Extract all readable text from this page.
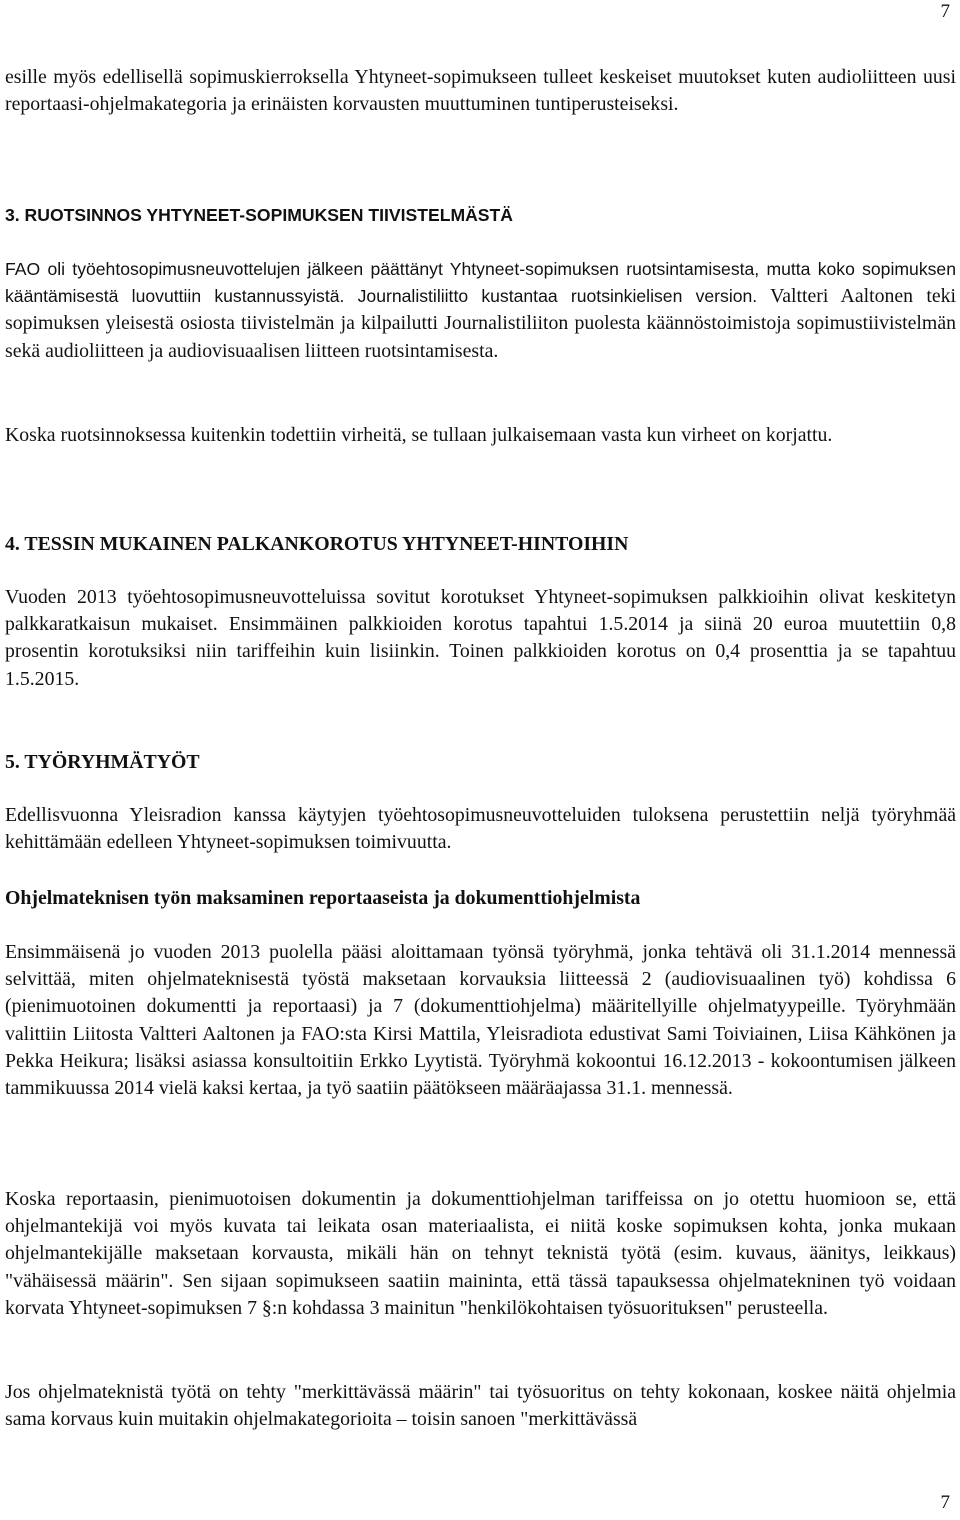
7

esille myös edellisellä sopimuskierroksella Yhtyneet-sopimukseen tulleet keskeiset muutokset kuten audioliitteen uusi reportaasi-ohjelmakategoria ja erinäisten korvausten muuttuminen tuntiperusteiseksi.

3. RUOTSINNOS YHTYNEET-SOPIMUKSEN TIIVISTELMÄSTÄ

FAO oli työehtosopimusneuvottelujen jälkeen päättänyt Yhtyneet-sopimuksen ruotsintamisesta, mutta koko sopimuksen kääntämisestä luovuttiin kustannussyistä. Journalistiliitto kustantaa ruotsinkielisen version. Valtteri Aaltonen teki sopimuksen yleisestä osiosta tiivistelmän ja kilpailutti Journalistiliiton puolesta käännöstoimistoja sopimustiivistelmän sekä audioliitteen ja audiovisuaalisen liitteen ruotsintamisesta.

Koska ruotsinnoksessa kuitenkin todettiin virheitä, se tullaan julkaisemaan vasta kun virheet on korjattu.

4. TESSIN MUKAINEN PALKANKOROTUS YHTYNEET-HINTOIHIN

Vuoden 2013 työehtosopimusneuvotteluissa sovitut korotukset Yhtyneet-sopimuksen palkkioihin olivat keskitetyn palkkaratkaisun mukaiset. Ensimmäinen palkkioiden korotus tapahtui 1.5.2014 ja siinä 20 euroa muutettiin 0,8 prosentin korotuksiksi niin tariffeihin kuin lisiinkin. Toinen palkkioiden korotus on 0,4 prosenttia ja se tapahtuu 1.5.2015.

5. TYÖRYHMÄTYÖT

Edellisvuonna Yleisradion kanssa käytyjen työehtosopimusneuvotteluiden tuloksena perustettiin neljä työryhmää kehittämään edelleen Yhtyneet-sopimuksen toimivuutta.

Ohjelmateknisen työn maksaminen reportaaseista ja dokumenttiohjelmista

Ensimmäisenä jo vuoden 2013 puolella pääsi aloittamaan työnsä työryhmä, jonka tehtävä oli 31.1.2014 mennessä selvittää, miten ohjelmateknisestä työstä maksetaan korvauksia liitteessä 2 (audiovisuaalinen työ) kohdissa 6 (pienimuotoinen dokumentti ja reportaasi) ja 7 (dokumenttiohjelma) määritellyille ohjelmatyypeille. Työryhmään valittiin Liitosta Valtteri Aaltonen ja FAO:sta Kirsi Mattila, Yleisradiota edustivat Sami Toiviainen, Liisa Kähkönen ja Pekka Heikura; lisäksi asiassa konsultoitiin Erkko Lyytistä. Työryhmä kokoontui 16.12.2013 - kokoontumisen jälkeen tammikuussa 2014 vielä kaksi kertaa, ja työ saatiin päätökseen määräajassa 31.1. mennessä.

Koska reportaasin, pienimuotoisen dokumentin ja dokumenttiohjelman tariffeissa on jo otettu huomioon se, että ohjelmantekijä voi myös kuvata tai leikata osan materiaalista, ei niitä koske sopimuksen kohta, jonka mukaan ohjelmantekijälle maksetaan korvausta, mikäli hän on tehnyt teknistä työtä (esim. kuvaus, äänitys, leikkaus) "vähäisessä määrin". Sen sijaan sopimukseen saatiin maininta, että tässä tapauksessa ohjelmatekninen työ voidaan korvata Yhtyneet-sopimuksen 7 §:n kohdassa 3 mainitun "henkilökohtaisen työsuorituksen" perusteella.

Jos ohjelmateknistä työtä on tehty "merkittävässä määrin" tai työsuoritus on tehty kokonaan, koskee näitä ohjelmia sama korvaus kuin muitakin ohjelmakategorioita – toisin sanoen "merkittävässä

7
